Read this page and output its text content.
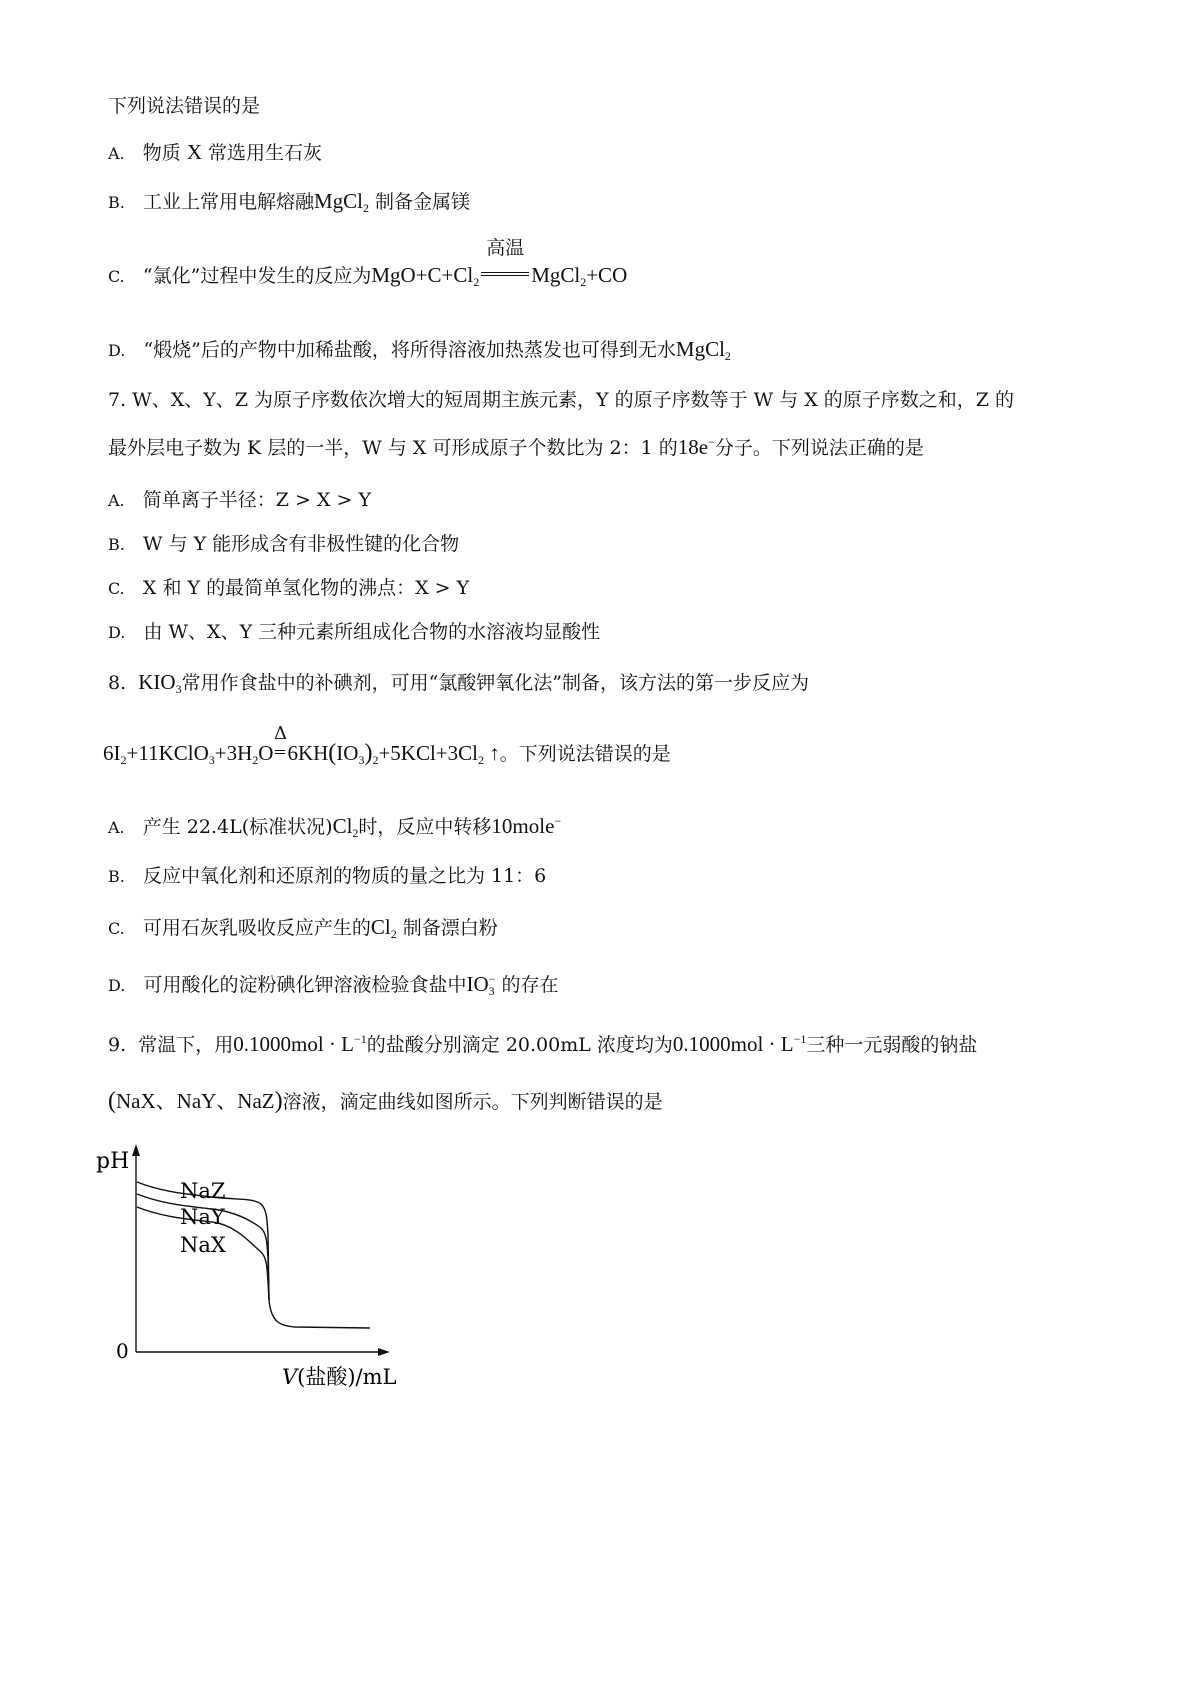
下列说法错误的是
A. 物质 X 常选用生石灰
B. 工业上常用电解熔融MgCl$_2$ 制备金属镁
C. “氯化”过程中发生的反应为$MgO+C+Cl_2$
高温
MgCl$_2$+CO
D. “煅烧”后的产物中加稀盐酸，将所得溶液加热蒸发也可得到无水MgCl$_2$
7. W、X、Y、Z 为原子序数依次增大的短周期主族元素，Y 的原子序数等于 W 与 X 的原子序数之和，Z 的
最外层电子数为 K 层的一半，W 与 X 可形成原子个数比为 2：1 的18e−分子。下列说法正确的是
A. 简单离子半径：Z > X > Y
B. W 与 Y 能形成含有非极性键的化合物
C. X 和 Y 的最简单氢化物的沸点：X > Y
D. 由 W、X、Y 三种元素所组成化合物的水溶液均显酸性
8. $KIO_3$常用作食盐中的补碘剂，可用“氯酸钾氧化法”制备，该方法的第一步反应为
$6I_2+11KClO_3+3H_2O$
Δ
$6KH(IO_3)_2+5KCl+3Cl_2$ ↑。下列说法错误的是
A. 产生 22.4L(标准状况)$Cl_2$时，反应中转移10mole−
B. 反应中氧化剂和还原剂的物质的量之比为 11：6
C. 可用石灰乳吸收反应产生的$Cl_2$ 制备漂白粉
D. 可用酸化的淀粉碘化钾溶液检验食盐中$IO_3^-$ 的存在
9. 常温下，用$0.1000mol \cdot L^{-1}$的盐酸分别滴定 20.00mL 浓度均为$0.1000mol \cdot L^{-1}$三种一元弱酸的钠盐
(NaX、NaY、NaZ)溶液，滴定曲线如图所示。下列判断错误的是
pH
0
V(盐酸)/mL
NaZ
NaY
NaX
